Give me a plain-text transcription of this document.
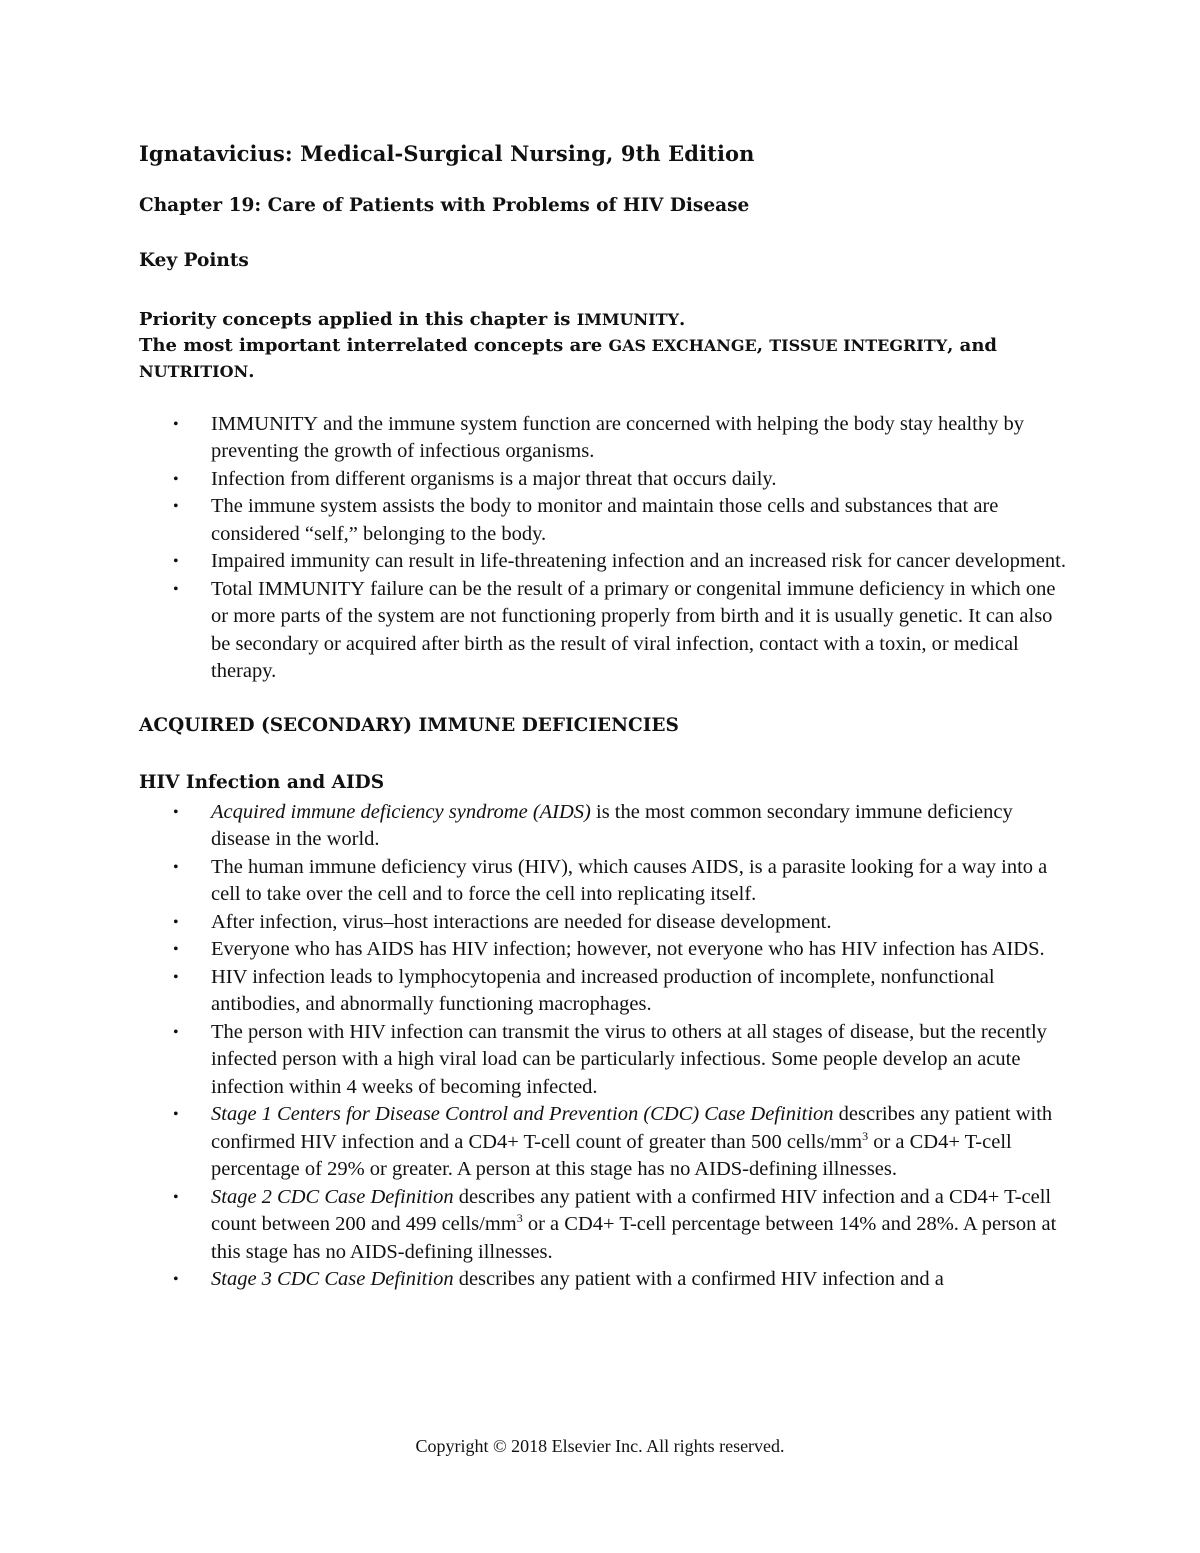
Ignatavicius: Medical-Surgical Nursing, 9th Edition
Chapter 19: Care of Patients with Problems of HIV Disease
Key Points

Priority concepts applied in this chapter is IMMUNITY.

The most important interrelated concepts are GAS EXCHANGE, TISSUE INTEGRITY, and NUTRITION.

• IMMUNITY and the immune system function are concerned with helping the body stay healthy by preventing the growth of infectious organisms.
• Infection from different organisms is a major threat that occurs daily.
• The immune system assists the body to monitor and maintain those cells and substances that are considered “self,” belonging to the body.
• Impaired immunity can result in life-threatening infection and an increased risk for cancer development.
• Total IMMUNITY failure can be the result of a primary or congenital immune deficiency in which one or more parts of the system are not functioning properly from birth and it is usually genetic. It can also be secondary or acquired after birth as the result of viral infection, contact with a toxin, or medical therapy.
ACQUIRED (SECONDARY) IMMUNE DEFICIENCIES
HIV Infection and AIDS
• Acquired immune deficiency syndrome (AIDS) is the most common secondary immune deficiency disease in the world.
• The human immune deficiency virus (HIV), which causes AIDS, is a parasite looking for a way into a cell to take over the cell and to force the cell into replicating itself.
• After infection, virus–host interactions are needed for disease development.
• Everyone who has AIDS has HIV infection; however, not everyone who has HIV infection has AIDS.
• HIV infection leads to lymphocytopenia and increased production of incomplete, nonfunctional antibodies, and abnormally functioning macrophages.
• The person with HIV infection can transmit the virus to others at all stages of disease, but the recently infected person with a high viral load can be particularly infectious. Some people develop an acute infection within 4 weeks of becoming infected.
• Stage 1 Centers for Disease Control and Prevention (CDC) Case Definition describes any patient with confirmed HIV infection and a CD4+ T-cell count of greater than 500 cells/$mm^3$ or a CD4+ T-cell percentage of 29% or greater. A person at this stage has no AIDS-defining illnesses.
• Stage 2 CDC Case Definition describes any patient with a confirmed HIV infection and a CD4+ T-cell count between 200 and 499 cells/$mm^3$ or a CD4+ T-cell percentage between 14% and 28%. A person at this stage has no AIDS-defining illnesses.
• Stage 3 CDC Case Definition describes any patient with a confirmed HIV infection and a
Copyright © 2018 Elsevier Inc. All rights reserved.
